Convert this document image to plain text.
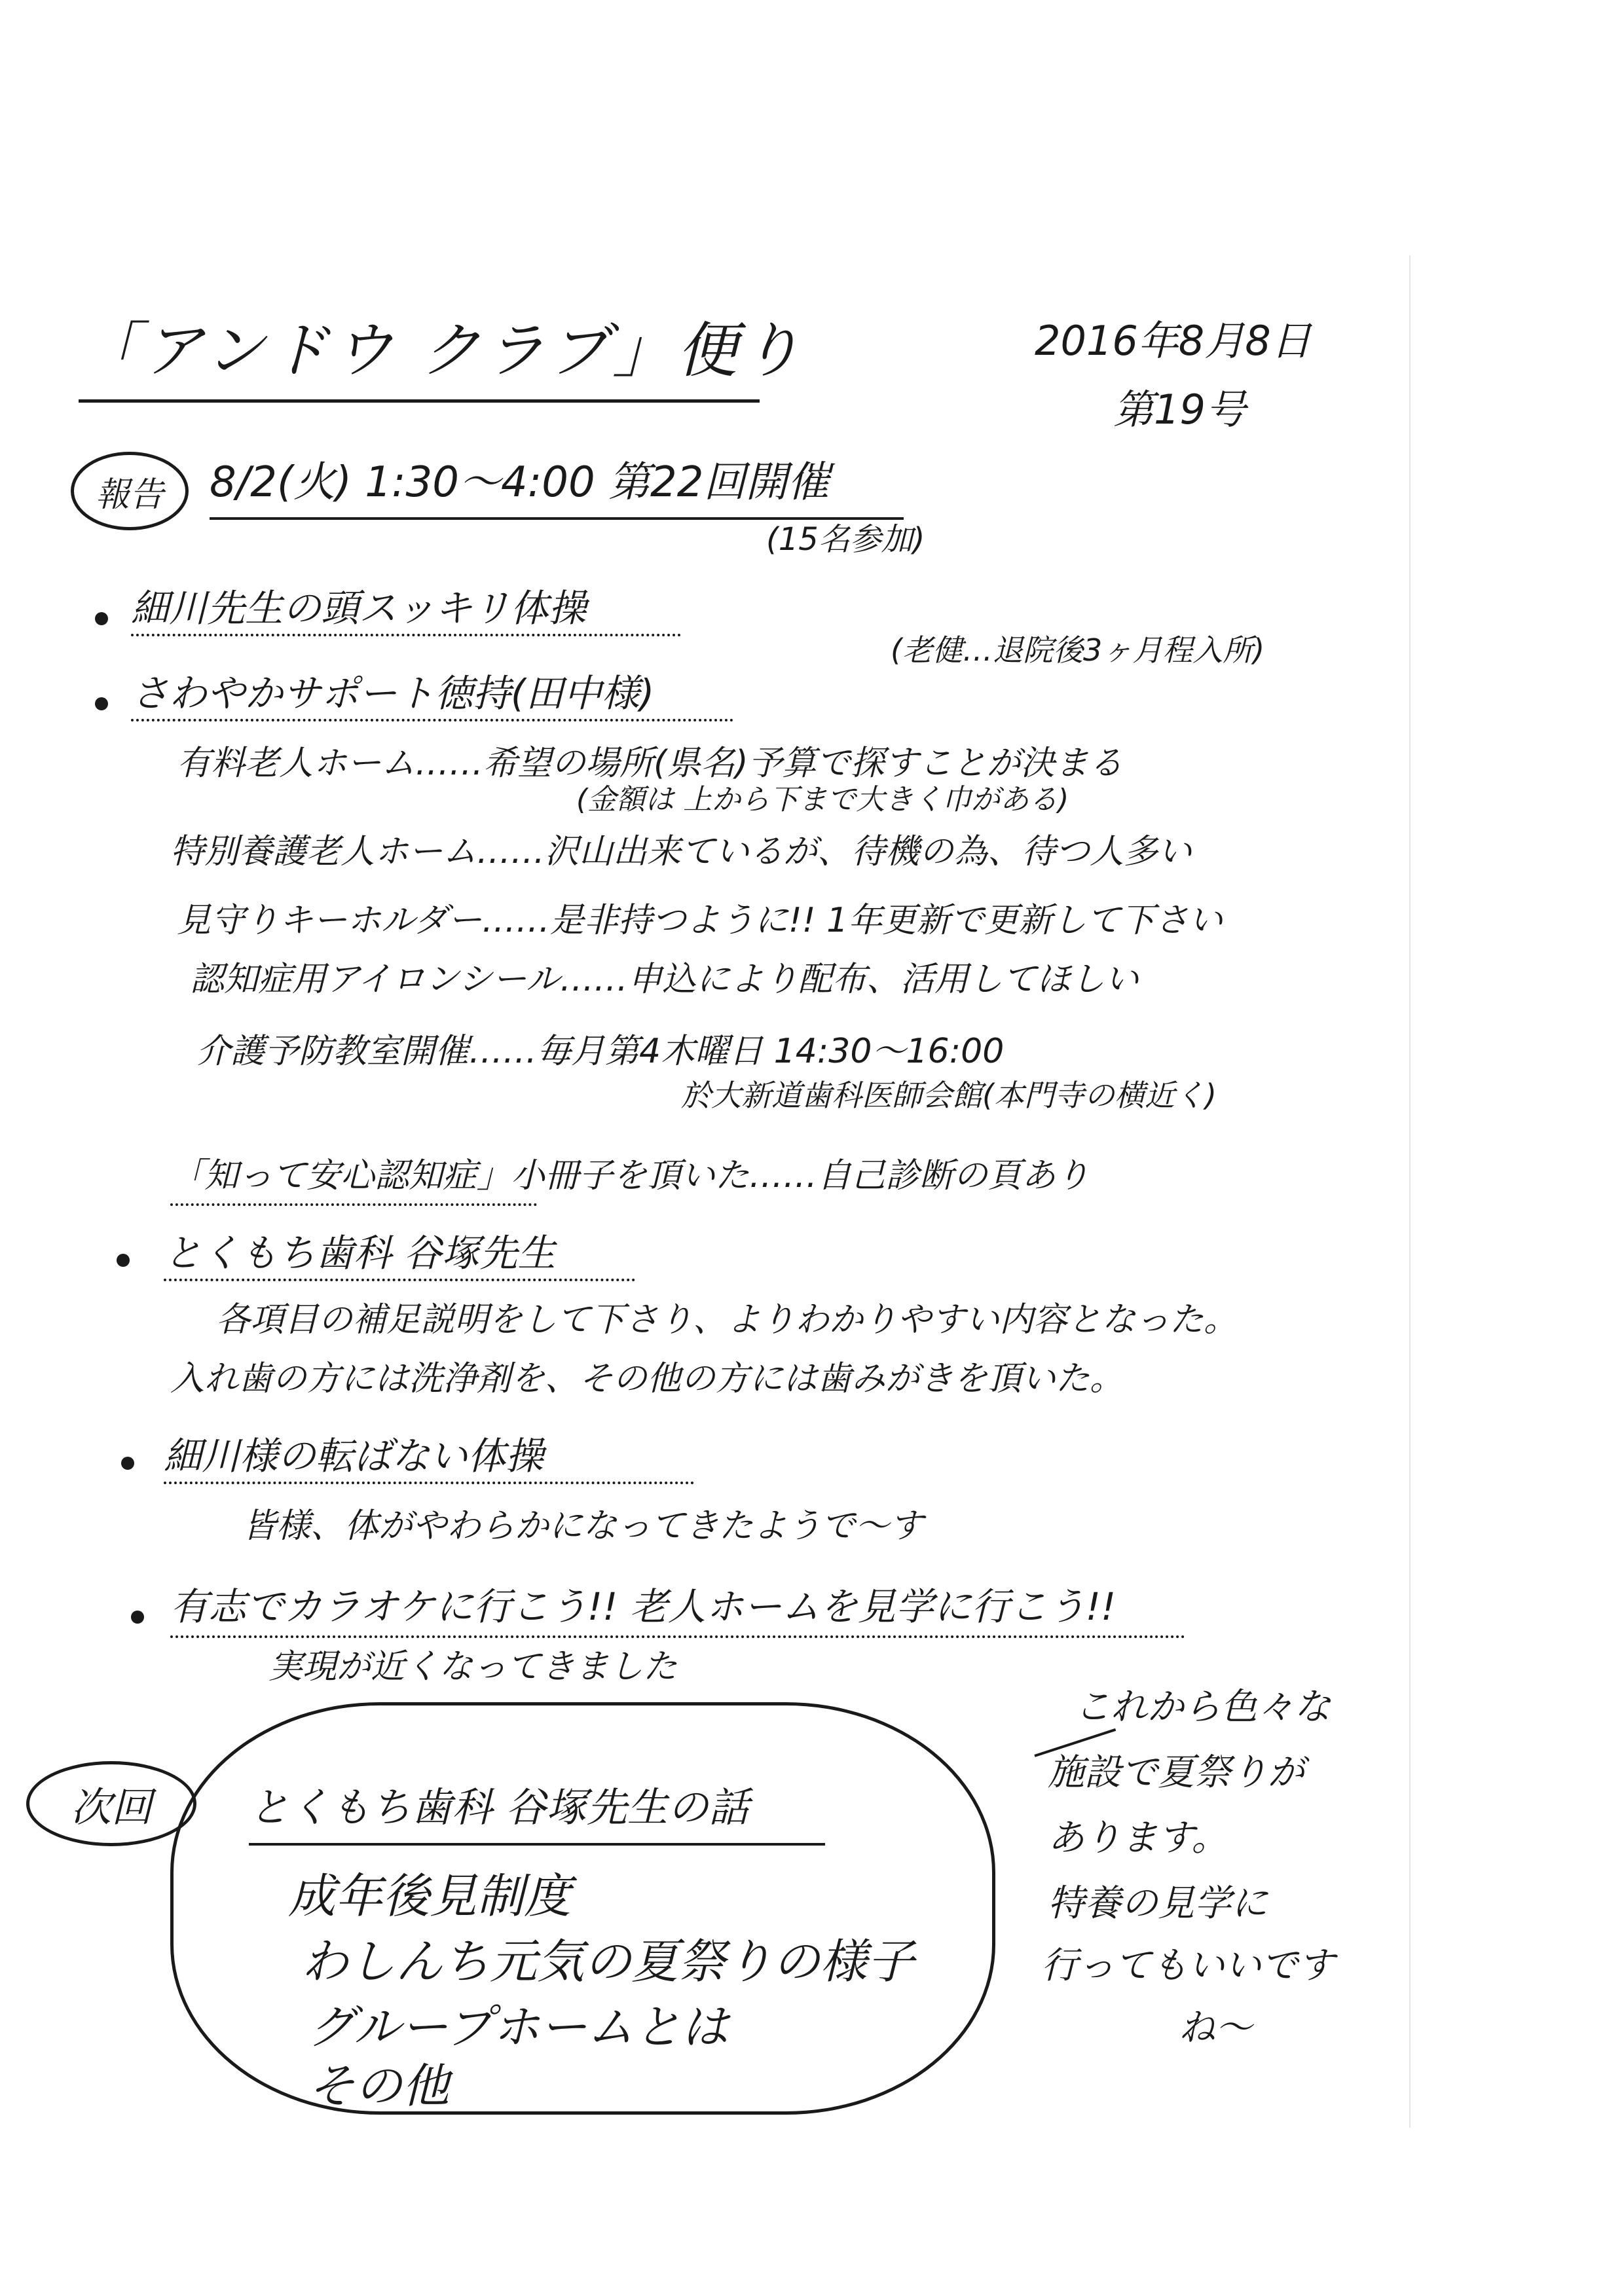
「アンドウ クラブ」便り	2016年8月8日
第19号
報告	8/2(火) 1:30〜4:00 第22回開催
(15名参加)
細川先生の頭スッキリ体操
(老健…退院後3ヶ月程入所)
さわやかサポート徳持(田中様)
有料老人ホーム……希望の場所(県名)予算で探すことが決まる
(金額は 上から下まで大きく巾がある)
特別養護老人ホーム……沢山出来ているが、待機の為、待つ人多い
見守りキーホルダー……是非持つように!! 1年更新で更新して下さい
認知症用アイロンシール……申込により配布、活用してほしい
介護予防教室開催……毎月第4木曜日 14:30〜16:00
於大新道歯科医師会館(本門寺の横近く)
「知って安心認知症」小冊子を頂いた……自己診断の頁あり
とくもち歯科 谷塚先生
各項目の補足説明をして下さり、よりわかりやすい内容となった。
入れ歯の方には洗浄剤を、その他の方には歯みがきを頂いた。
細川様の転ばない体操
皆様、体がやわらかになってきたようで〜す
有志でカラオケに行こう!! 老人ホームを見学に行こう!!
実現が近くなってきました
次回	とくもち歯科 谷塚先生の話
成年後見制度
わしんち元気の夏祭りの様子
グループホームとは
その他
これから色々な
施設で夏祭りが
あります。
特養の見学に
行ってもいいです
ね〜
